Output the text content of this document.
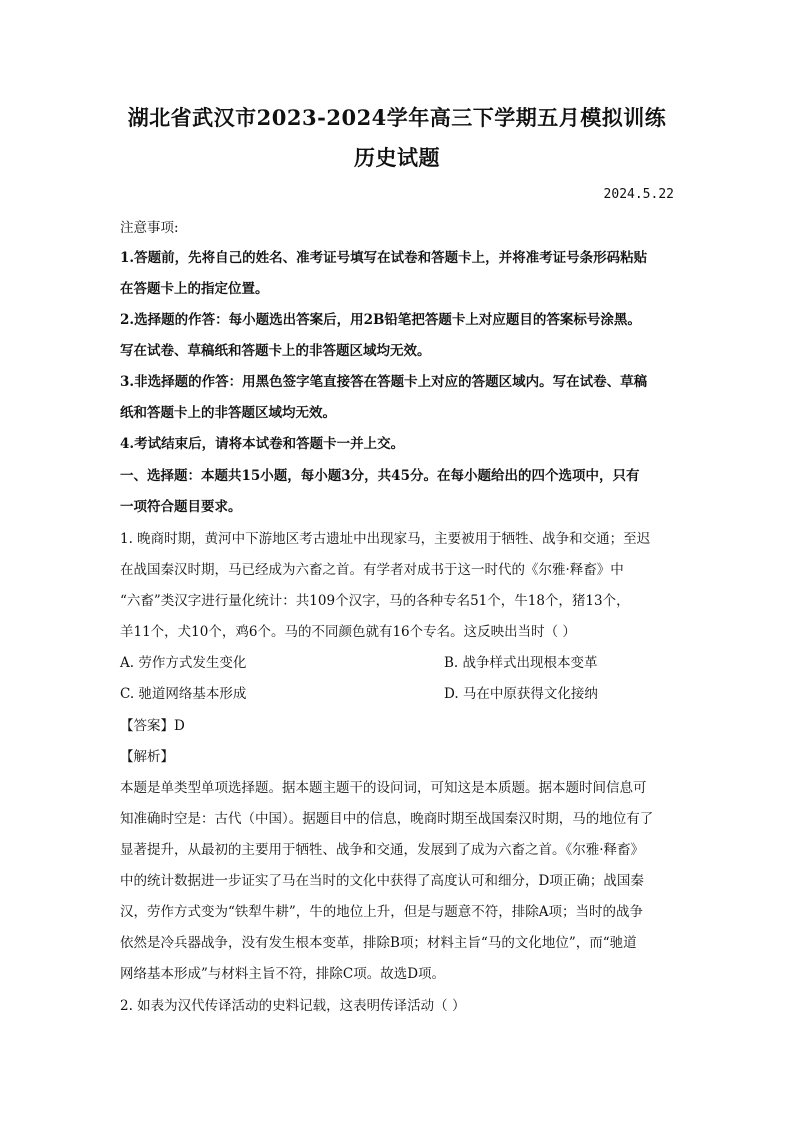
湖北省武汉市2023-2024学年高三下学期五月模拟训练
历史试题
2024.5.22
注意事项:
1.答题前，先将自己的姓名、准考证号填写在试卷和答题卡上，并将准考证号条形码粘贴
在答题卡上的指定位置。
2.选择题的作答：每小题选出答案后，用2B铅笔把答题卡上对应题目的答案标号涂黑。
写在试卷、草稿纸和答题卡上的非答题区域均无效。
3.非选择题的作答：用黑色签字笔直接答在答题卡上对应的答题区域内。写在试卷、草稿
纸和答题卡上的非答题区域均无效。
4.考试结束后，请将本试卷和答题卡一并上交。
一、选择题：本题共15小题，每小题3分，共45分。在每小题给出的四个选项中，只有
一项符合题目要求。
1. 晚商时期，黄河中下游地区考古遗址中出现家马，主要被用于牺牲、战争和交通；至迟
在战国秦汉时期，马已经成为六畜之首。有学者对成书于这一时代的《尔雅·释畜》中
“六畜”类汉字进行量化统计：共109个汉字，马的各种专名51个，牛18个，猪13个，
羊11个，犬10个，鸡6个。马的不同颜色就有16个专名。这反映出当时（ ）
A. 劳作方式发生变化	B. 战争样式出现根本变革
C. 驰道网络基本形成	D. 马在中原获得文化接纳
【答案】D
【解析】
本题是单类型单项选择题。据本题主题干的设问词，可知这是本质题。据本题时间信息可
知准确时空是：古代（中国）。据题目中的信息，晚商时期至战国秦汉时期，马的地位有了
显著提升，从最初的主要用于牺牲、战争和交通，发展到了成为六畜之首。《尔雅·释畜》
中的统计数据进一步证实了马在当时的文化中获得了高度认可和细分，D项正确；战国秦
汉，劳作方式变为“铁犁牛耕”，牛的地位上升，但是与题意不符，排除A项；当时的战争
依然是冷兵器战争，没有发生根本变革，排除B项；材料主旨“马的文化地位”，而“驰道
网络基本形成”与材料主旨不符，排除C项。故选D项。
2. 如表为汉代传译活动的史料记载，这表明传译活动（ ）
